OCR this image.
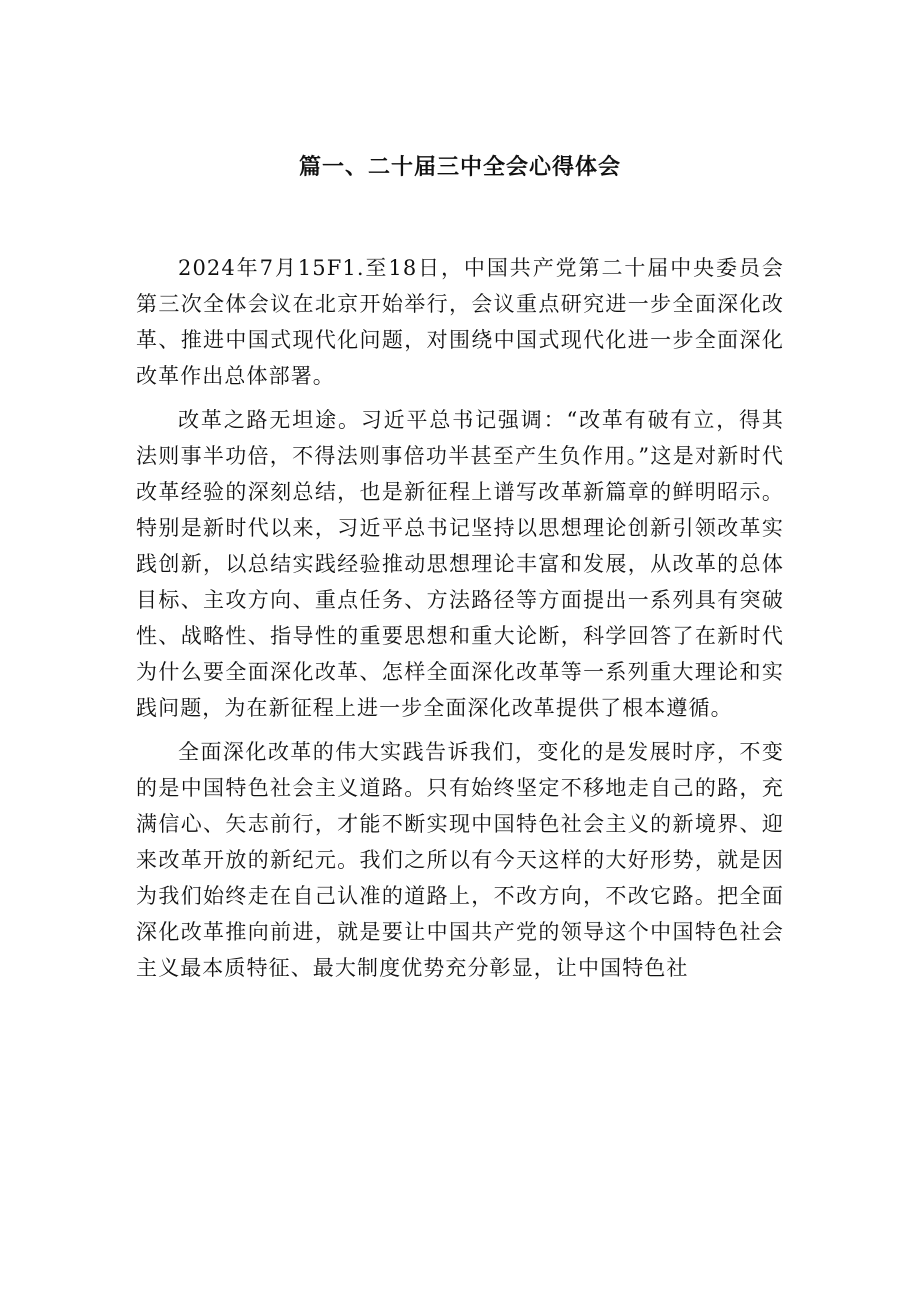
篇一、二十届三中全会心得体会

2024年7月15F1.至18日，中国共产党第二十届中央委员会第三次全体会议在北京开始举行，会议重点研究进一步全面深化改革、推进中国式现代化问题，对围绕中国式现代化进一步全面深化改革作出总体部署。

改革之路无坦途。习近平总书记强调：“改革有破有立，得其法则事半功倍，不得法则事倍功半甚至产生负作用。”这是对新时代改革经验的深刻总结，也是新征程上谱写改革新篇章的鲜明昭示。特别是新时代以来，习近平总书记坚持以思想理论创新引领改革实践创新，以总结实践经验推动思想理论丰富和发展，从改革的总体目标、主攻方向、重点任务、方法路径等方面提出一系列具有突破性、战略性、指导性的重要思想和重大论断，科学回答了在新时代为什么要全面深化改革、怎样全面深化改革等一系列重大理论和实践问题，为在新征程上进一步全面深化改革提供了根本遵循。

全面深化改革的伟大实践告诉我们，变化的是发展时序，不变的是中国特色社会主义道路。只有始终坚定不移地走自己的路，充满信心、矢志前行，才能不断实现中国特色社会主义的新境界、迎来改革开放的新纪元。我们之所以有今天这样的大好形势，就是因为我们始终走在自己认准的道路上，不改方向，不改它路。把全面深化改革推向前进，就是要让中国共产党的领导这个中国特色社会主义最本质特征、最大制度优势充分彰显，让中国特色社
